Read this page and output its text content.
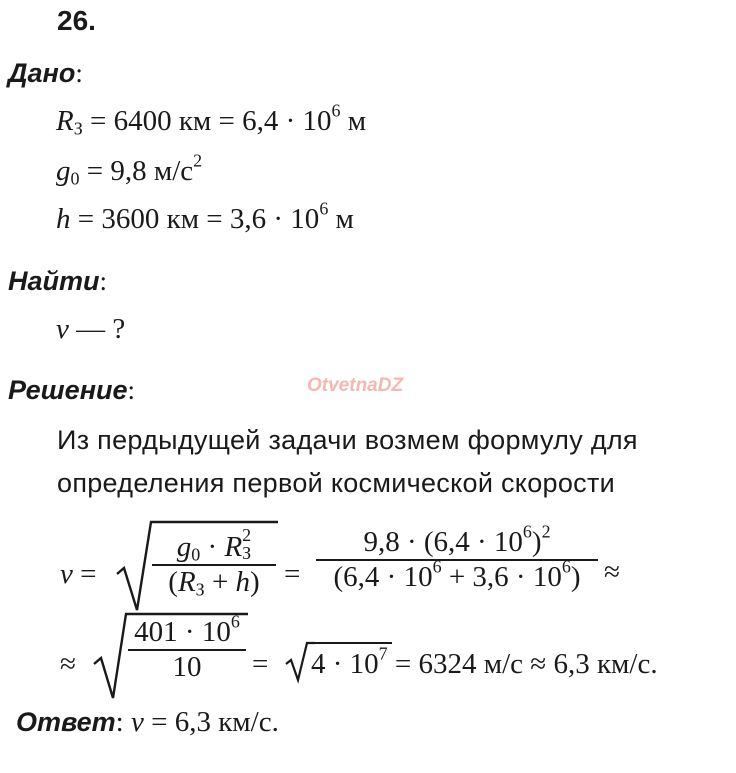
26.
Дано:
$R_З = 6400$ км = $6,4 \cdot 10^6$ м
$g_0 = 9,8$ $м/с^2$
h = 3600 км = $3,6 \cdot 10^6$ м
Найти:
v — ?
OtvetnaDZ
Решение:
Из пердыдущей задачи возмем формулу для
определения первой космической скорости
$v = g_0 \cdot R$ 2
З
$(R_З + h) = \frac{9,8 \cdot (6,4 \cdot 10^6)^2}{(6,4 \cdot 10^6 + 3,6 \cdot 10^6)}$ ≈
≈ $\frac{401 \cdot 10^6}{10} = 4 \cdot 10^7 = 6324$ м/с ≈ 6,3 км/с.
Ответ: v = 6,3 км/с.
